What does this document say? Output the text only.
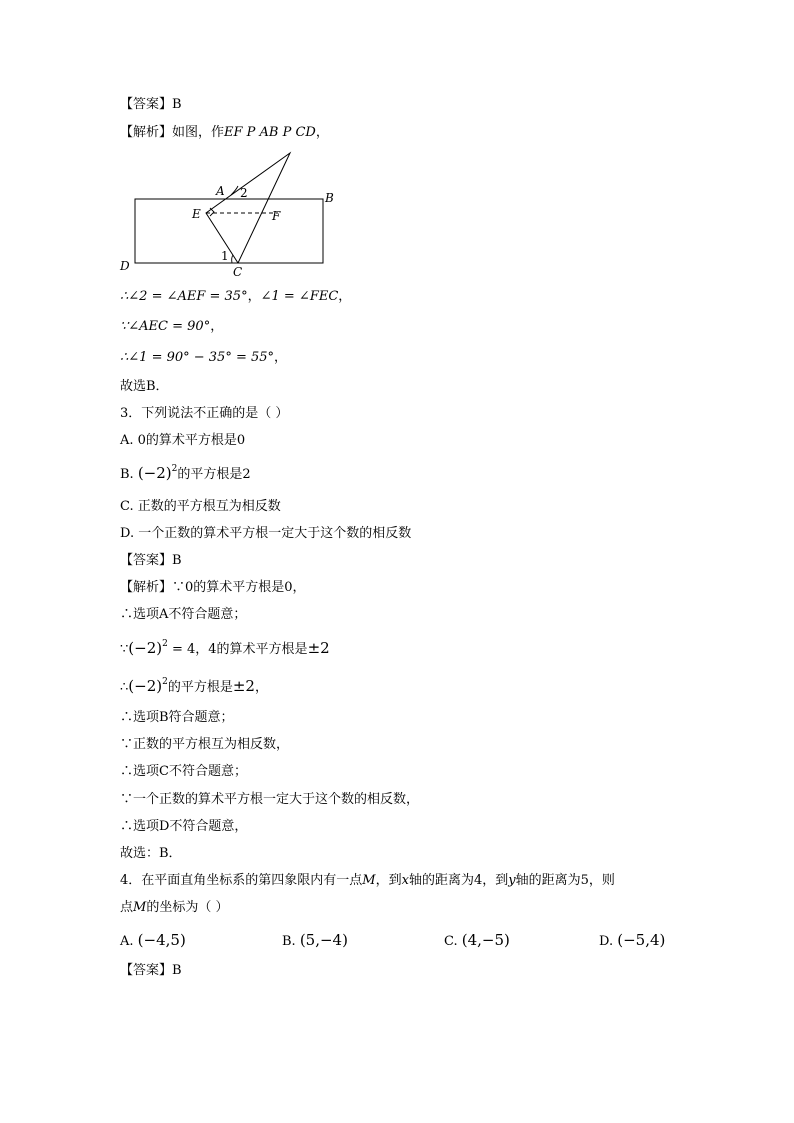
【答案】B
【解析】如图，作EF P AB P CD，
A 2	B
E	F
D
1
C
∴∠2 = ∠AEF = 35°，∠1 = ∠FEC，
∵∠AEC = 90°，
∴∠1 = 90° − 35° = 55°，
故选B．
3．下列说法不正确的是（ ）
A. 0的算术平方根是0
B. $(-2)^2$的平方根是2
C. 正数的平方根互为相反数
D. 一个正数的算术平方根一定大于这个数的相反数
【答案】B
【解析】∵0的算术平方根是0，
∴选项A不符合题意；
$\because(-2)^2 = 4$，4的算术平方根是±2
$\therefore(-2)^2$的平方根是±2，
∴选项B符合题意；
∵正数的平方根互为相反数，
∴选项C不符合题意；
∵一个正数的算术平方根一定大于这个数的相反数，
∴选项D不符合题意，
故选：B．
4．在平面直角坐标系的第四象限内有一点M，到x轴的距离为4，到y轴的距离为5，则
点M的坐标为（ ）
A. (−4,5)	B. (5,−4)	C. (4,−5)	D. (−5,4)
【答案】B
